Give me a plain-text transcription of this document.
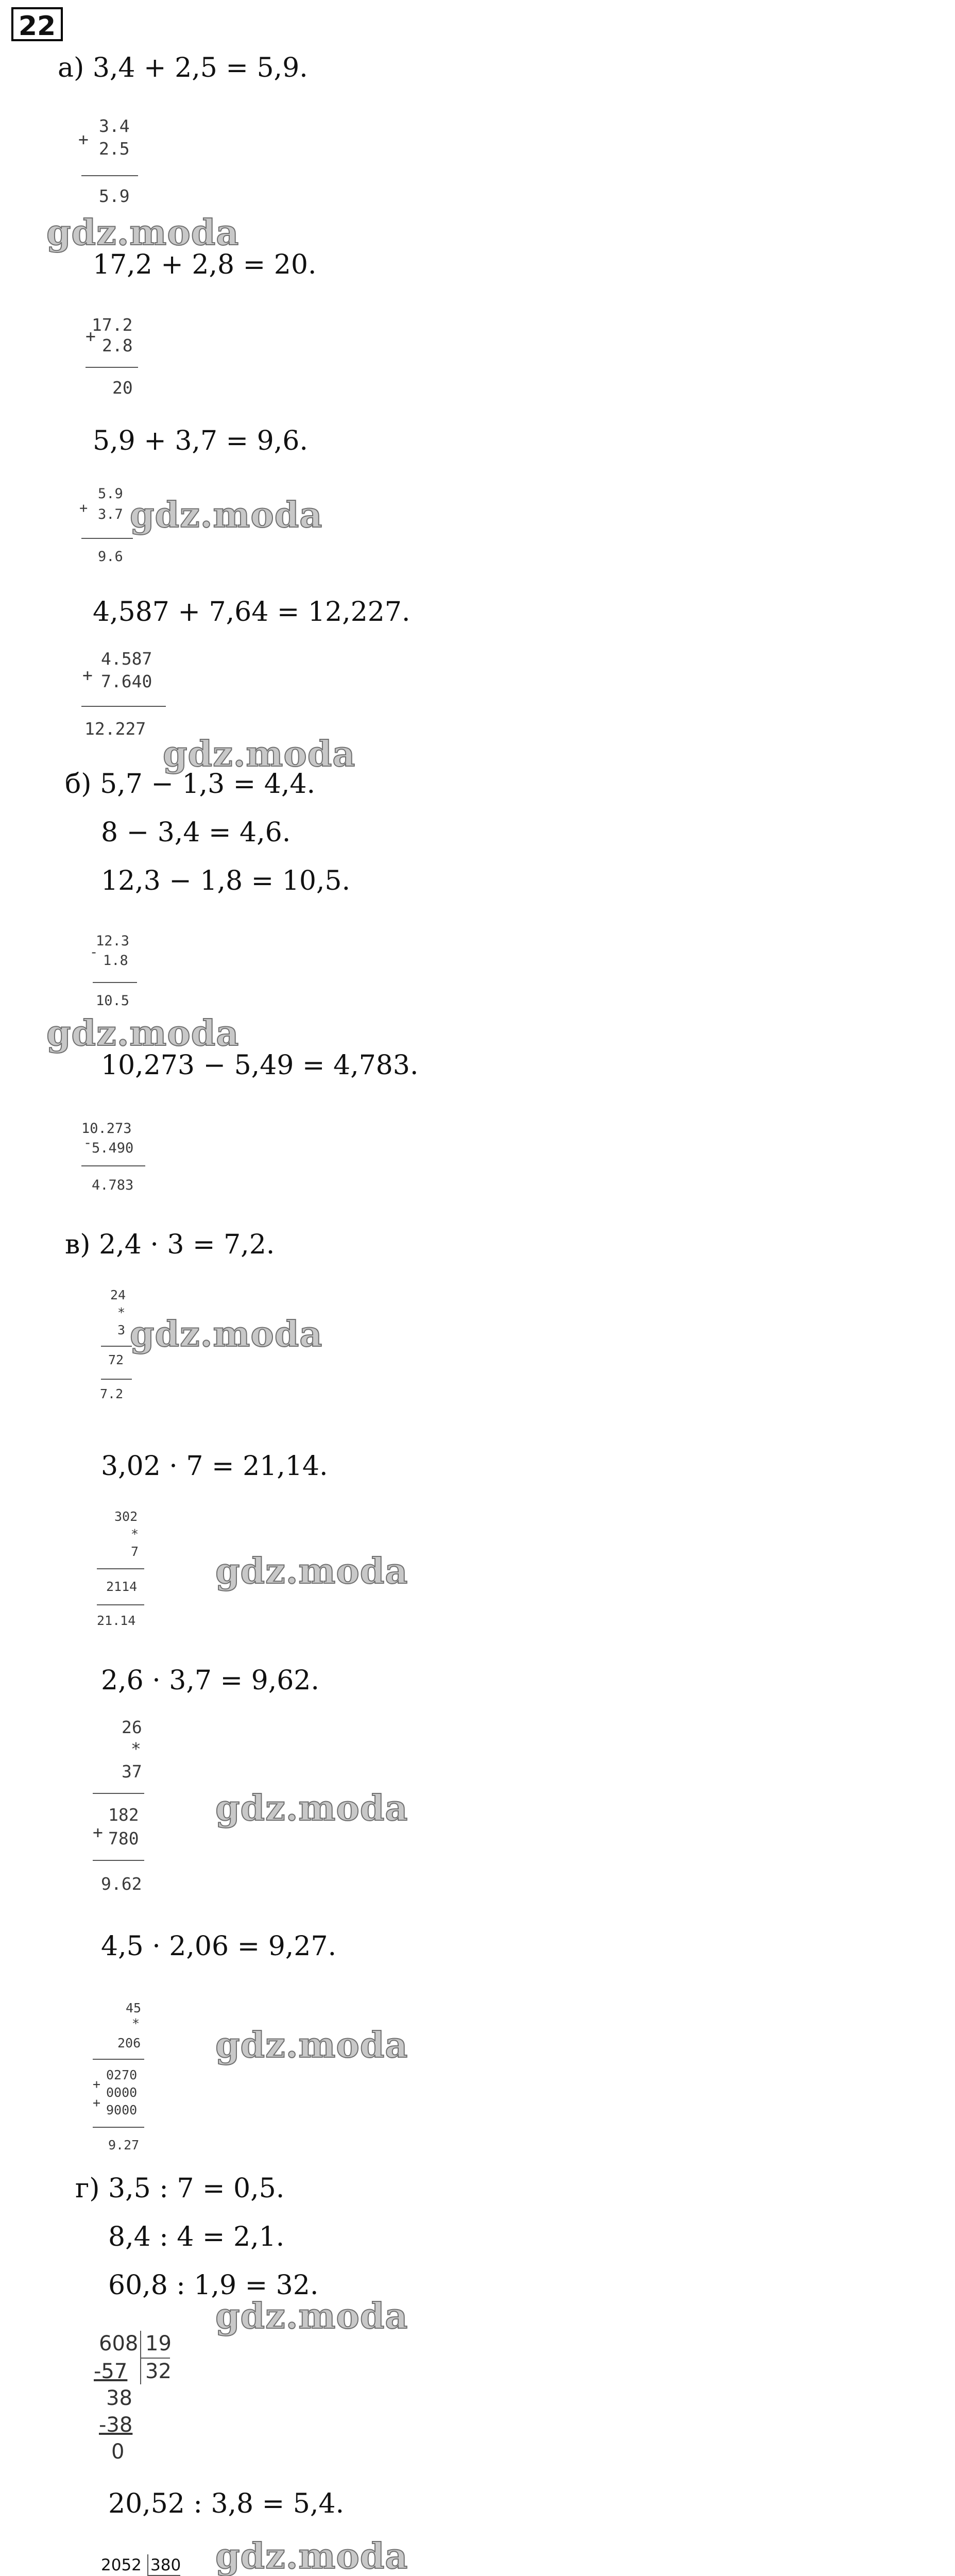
22
а) 3,4 + 2,5 = 5,9.
+
3.4
2.5
5.9
gdz.moda
17,2 + 2,8 = 20.
+
17.2
2.8
20
5,9 + 3,7 = 9,6.
+
5.9
3.7
9.6
gdz.moda
4,587 + 7,64 = 12,227.
+
4.587
7.640
12.227
gdz.moda
б) 5,7 − 1,3 = 4,4.
8 − 3,4 = 4,6.
12,3 − 1,8 = 10,5.
-
12.3
1.8
10.5
gdz.moda
10,273 − 5,49 = 4,783.
10.273
- 5.490
4.783
в) 2,4 · 3 = 7,2.
24
*
3
72
7.2
gdz.moda
3,02 · 7 = 21,14.
302
*
7
2114
21.14
gdz.moda
2,6 · 3,7 = 9,62.
26
*
37
+
182
780
9.62
gdz.moda
4,5 · 2,06 = 9,27.
45
*
206
+
+
0270
0000
9000
9.27
gdz.moda
г) 3,5 : 7 = 0,5.
8,4 : 4 = 2,1.
60,8 : 1,9 = 32.
gdz.moda
608 19
-57 32
38
-38
0
20,52 : 3,8 = 5,4.
gdz.moda
2052 380
